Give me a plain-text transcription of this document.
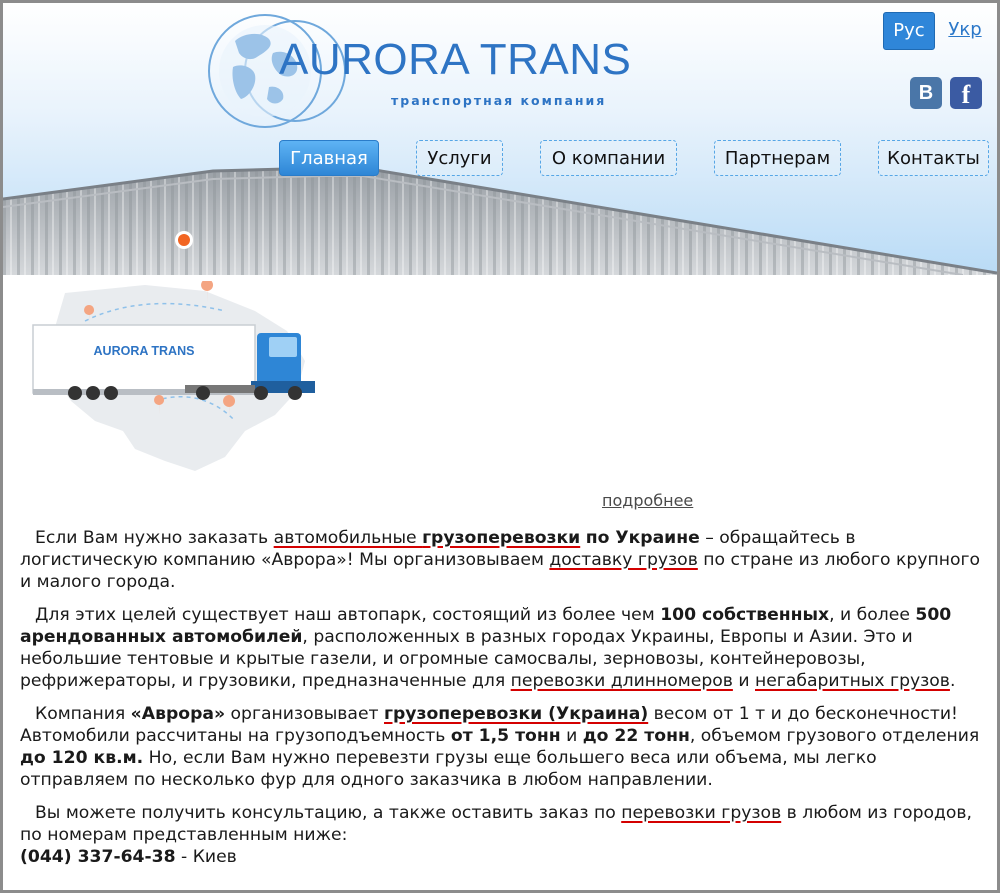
AURORA TRANS
транспортная компания
Рус	Укр
B	f
Главная	Услуги	О компании	Партнерам	Контакты
AURORA TRANS
подробнее

Если Вам нужно заказать автомобильные грузоперевозки по Украине – обращайтесь в логистическую компанию «Аврора»! Мы организовываем доставку грузов по стране из любого крупного и малого города.

Для этих целей существует наш автопарк, состоящий из более чем 100 собственных, и более 500 арендованных автомобилей, расположенных в разных городах Украины, Европы и Азии. Это и небольшие тентовые и крытые газели, и огромные самосвалы, зерновозы, контейнеровозы, рефрижераторы, и грузовики, предназначенные для перевозки длинномеров и негабаритных грузов.

Компания «Аврора» организовывает грузоперевозки (Украина) весом от 1 т и до бесконечности! Автомобили рассчитаны на грузоподъемность от 1,5 тонн и до 22 тонн, объемом грузового отделения до 120 кв.м. Но, если Вам нужно перевезти грузы еще большего веса или объема, мы легко отправляем по несколько фур для одного заказчика в любом направлении.

Вы можете получить консультацию, а также оставить заказ по перевозки грузов в любом из городов, по номерам представленным ниже:

(044) 337-64-38 - Киев
